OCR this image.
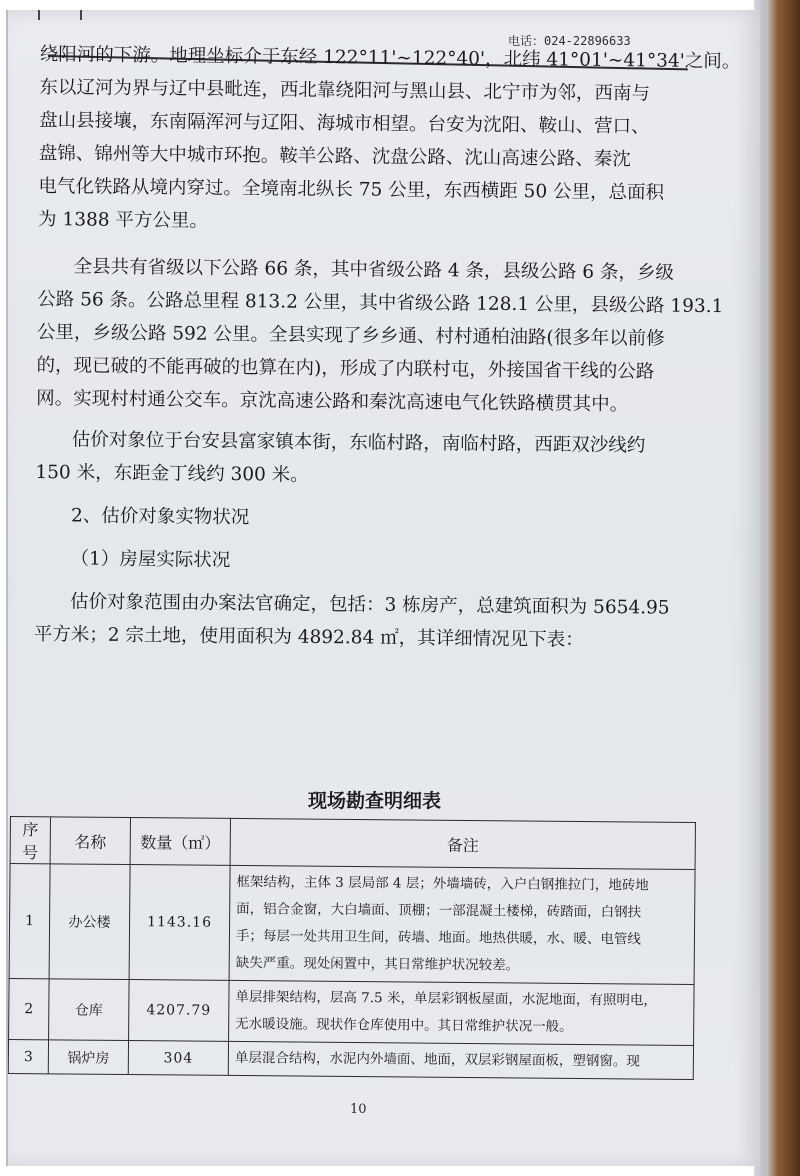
电话：024-22896633
绕阳河的下游。地理坐标介于东经 122°11'~122°40'，北纬 41°01'~41°34'之间。
东以辽河为界与辽中县毗连，西北靠绕阳河与黑山县、北宁市为邻，西南与
盘山县接壤，东南隔浑河与辽阳、海城市相望。台安为沈阳、鞍山、营口、
盘锦、锦州等大中城市环抱。鞍羊公路、沈盘公路、沈山高速公路、秦沈
电气化铁路从境内穿过。全境南北纵长 75 公里，东西横距 50 公里，总面积
为 1388 平方公里。
全县共有省级以下公路 66 条，其中省级公路 4 条，县级公路 6 条，乡级
公路 56 条。公路总里程 813.2 公里，其中省级公路 128.1 公里，县级公路 193.1
公里，乡级公路 592 公里。全县实现了乡乡通、村村通柏油路(很多年以前修
的，现已破的不能再破的也算在内)，形成了内联村屯，外接国省干线的公路
网。实现村村通公交车。京沈高速公路和秦沈高速电气化铁路横贯其中。
估价对象位于台安县富家镇本街，东临村路，南临村路，西距双沙线约
150 米，东距金丁线约 300 米。
2、估价对象实物状况
（1）房屋实际状况
估价对象范围由办案法官确定，包括：3 栋房产，总建筑面积为 5654.95
平方米；2 宗土地，使用面积为 4892.84 ㎡，其详细情况见下表：
现场勘查明细表
序号	名称	数量（㎡）	备注
1	办公楼	1143.16	框架结构，主体 3 层局部 4 层；外墙墙砖，入户白钢推拉门，地砖地
面，铝合金窗，大白墙面、顶棚；一部混凝土楼梯，砖踏面，白钢扶
手；每层一处共用卫生间，砖墙、地面。地热供暖，水、暖、电管线
缺失严重。现处闲置中，其日常维护状况较差。

2	仓库	4207.79	单层排架结构，层高 7.5 米，单层彩钢板屋面，水泥地面，有照明电，
无水暖设施。现状作仓库使用中。其日常维护状况一般。

3	锅炉房	304	单层混合结构，水泥内外墙面、地面，双层彩钢屋面板，塑钢窗。现
10
